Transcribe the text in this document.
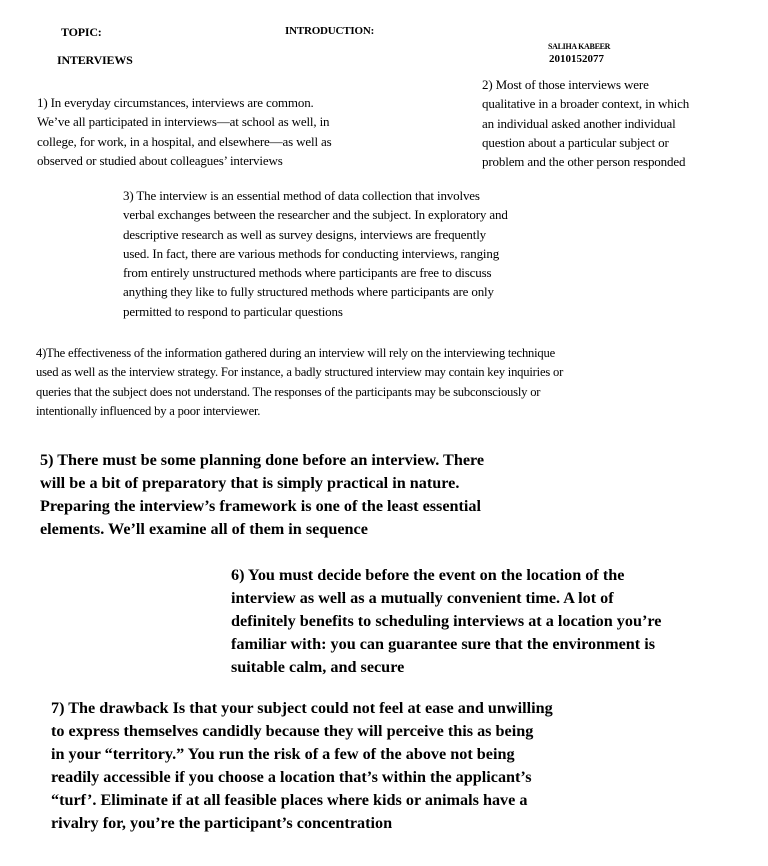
TOPIC:
INTERVIEWS
INTRODUCTION:
SALIHA KABEER
2010152077

1) In everyday circumstances, interviews are common.
We’ve all participated in interviews—at school as well, in
college, for work, in a hospital, and elsewhere—as well as
observed or studied about colleagues’ interviews

2) Most of those interviews were
qualitative in a broader context, in which
an individual asked another individual
question about a particular subject or
problem and the other person responded

3) The interview is an essential method of data collection that involves
verbal exchanges between the researcher and the subject. In exploratory and
descriptive research as well as survey designs, interviews are frequently
used. In fact, there are various methods for conducting interviews, ranging
from entirely unstructured methods where participants are free to discuss
anything they like to fully structured methods where participants are only
permitted to respond to particular questions

4)The effectiveness of the information gathered during an interview will rely on the interviewing technique
used as well as the interview strategy. For instance, a badly structured interview may contain key inquiries or
queries that the subject does not understand. The responses of the participants may be subconsciously or
intentionally influenced by a poor interviewer.

5) There must be some planning done before an interview. There
will be a bit of preparatory that is simply practical in nature.
Preparing the interview’s framework is one of the least essential
elements. We’ll examine all of them in sequence

6) You must decide before the event on the location of the
interview as well as a mutually convenient time. A lot of
definitely benefits to scheduling interviews at a location you’re
familiar with: you can guarantee sure that the environment is
suitable calm, and secure

7) The drawback Is that your subject could not feel at ease and unwilling
to express themselves candidly because they will perceive this as being
in your “territory.” You run the risk of a few of the above not being
readily accessible if you choose a location that’s within the applicant’s
“turf’. Eliminate if at all feasible places where kids or animals have a
rivalry for, you’re the participant’s concentration
